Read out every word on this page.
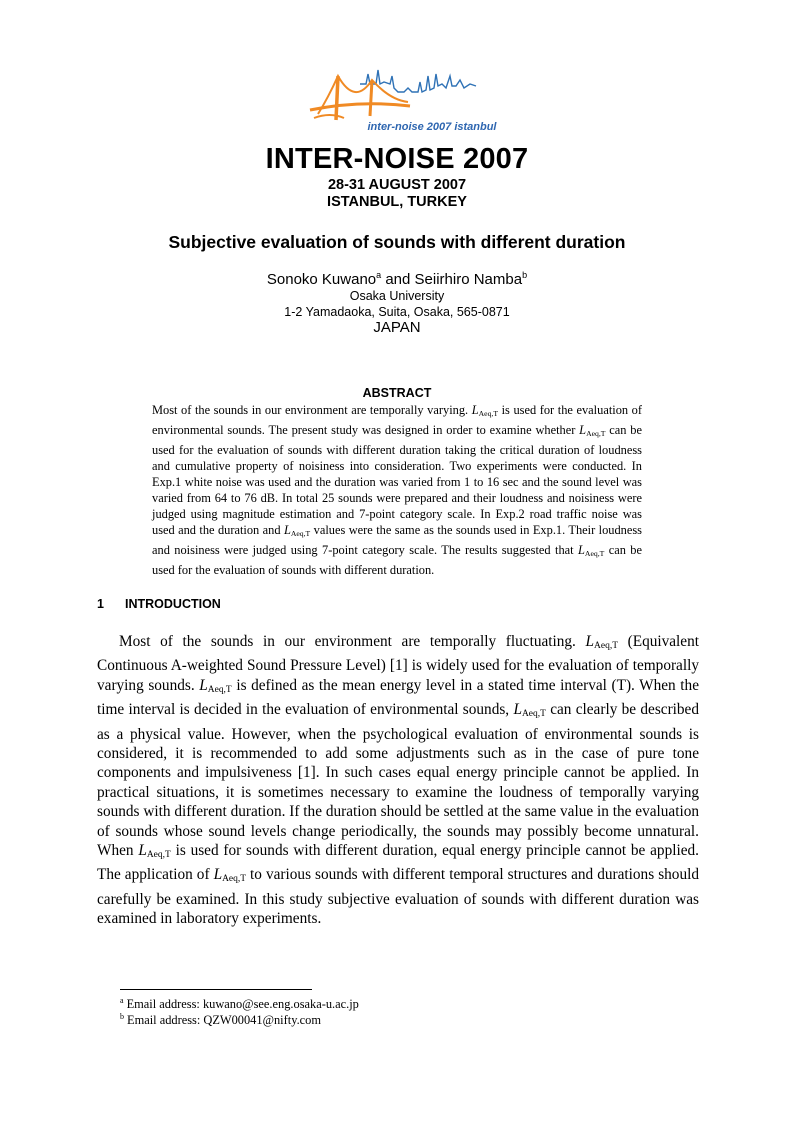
inter-noise 2007 istanbul
INTER-NOISE 2007
28-31 AUGUST 2007
ISTANBUL, TURKEY
Subjective evaluation of sounds with different duration
Sonoko Kuwano$^a$ and Seiirhiro Namba$^b$
Osaka University
1-2 Yamadaoka, Suita, Osaka, 565-0871
JAPAN
ABSTRACT
Most of the sounds in our environment are temporally varying. $L_{Aeq,T}$ is used for the evaluation of environmental sounds. The present study was designed in order to examine whether $L_{Aeq,T}$ can be used for the evaluation of sounds with different duration taking the critical duration of loudness and cumulative property of noisiness into consideration. Two experiments were conducted. In Exp.1 white noise was used and the duration was varied from 1 to 16 sec and the sound level was varied from 64 to 76 dB. In total 25 sounds were prepared and their loudness and noisiness were judged using magnitude estimation and 7-point category scale. In Exp.2 road traffic noise was used and the duration and $L_{Aeq,T}$ values were the same as the sounds used in Exp.1. Their loudness and noisiness were judged using 7-point category scale. The results suggested that $L_{Aeq,T}$ can be used for the evaluation of sounds with different duration.
1 INTRODUCTION

Most of the sounds in our environment are temporally fluctuating. $L_{Aeq,T}$ (Equivalent Continuous A-weighted Sound Pressure Level) [1] is widely used for the evaluation of temporally varying sounds. $L_{Aeq,T}$ is defined as the mean energy level in a stated time interval (T). When the time interval is decided in the evaluation of environmental sounds, $L_{Aeq,T}$ can clearly be described as a physical value. However, when the psychological evaluation of environmental sounds is considered, it is recommended to add some adjustments such as in the case of pure tone components and impulsiveness [1]. In such cases equal energy principle cannot be applied. In practical situations, it is sometimes necessary to examine the loudness of temporally varying sounds with different duration. If the duration should be settled at the same value in the evaluation of sounds whose sound levels change periodically, the sounds may possibly become unnatural. When $L_{Aeq,T}$ is used for sounds with different duration, equal energy principle cannot be applied. The application of $L_{Aeq,T}$ to various sounds with different temporal structures and durations should carefully be examined. In this study subjective evaluation of sounds with different duration was examined in laboratory experiments.

$^a$ Email address: kuwano@see.eng.osaka-u.ac.jp
$^b$ Email address: QZW00041@nifty.com
